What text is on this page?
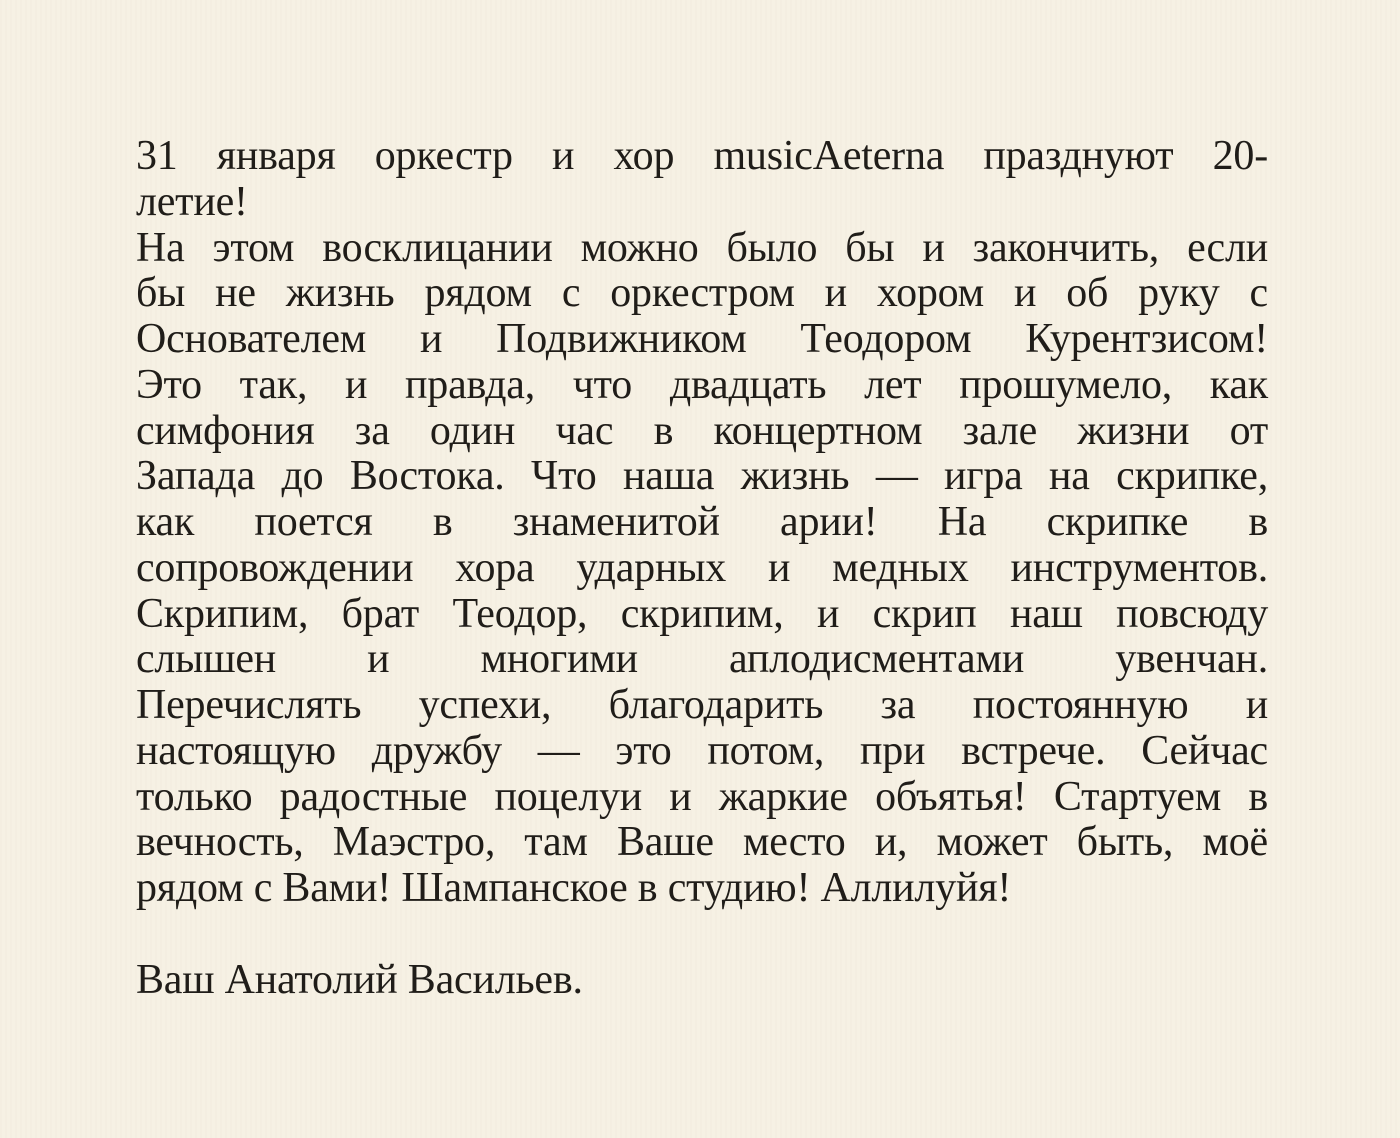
31 января оркестр и хор musicAeterna празднуют 20-
летие!
На этом восклицании можно было бы и закончить, если
бы не жизнь рядом с оркестром и хором и об руку с
Основателем и Подвижником Теодором Курентзисом!
Это так, и правда, что двадцать лет прошумело, как
симфония за один час в концертном зале жизни от
Запада до Востока. Что наша жизнь — игра на скрипке,
как поется в знаменитой арии! На скрипке в
сопровождении хора ударных и медных инструментов.
Скрипим, брат Теодор, скрипим, и скрип наш повсюду
слышен и многими аплодисментами увенчан.
Перечислять успехи, благодарить за постоянную и
настоящую дружбу — это потом, при встрече. Сейчас
только радостные поцелуи и жаркие объятья! Стартуем в
вечность, Маэстро, там Ваше место и, может быть, моё
рядом с Вами! Шампанское в студию! Аллилуйя!
Ваш Анатолий Васильев.
